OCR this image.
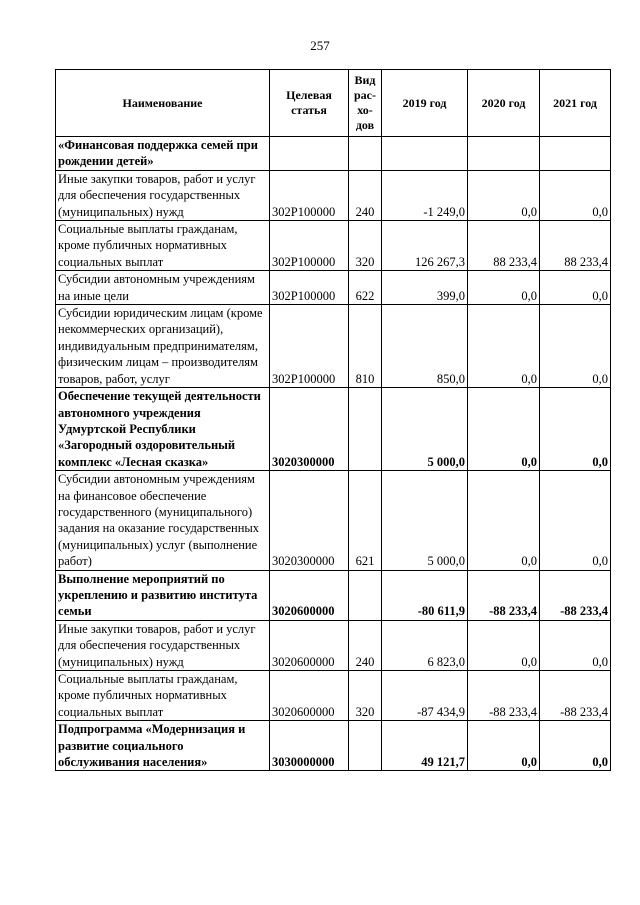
257
Наименование	Целевая статья	Вид рас- хо- дов	2019 год	2020 год	2021 год
«Финансовая поддержка семей при рождении детей»					
Иные закупки товаров, работ и услуг для обеспечения государственных (муниципальных) нужд	302P100000	240	-1 249,0	0,0	0,0
Социальные выплаты гражданам, кроме публичных нормативных социальных выплат	302P100000	320	126 267,3	88 233,4	88 233,4
Субсидии автономным учреждениям на иные цели	302P100000	622	399,0	0,0	0,0
Субсидии юридическим лицам (кроме некоммерческих организаций), индивидуальным предпринимателям, физическим лицам – производителям товаров, работ, услуг	302P100000	810	850,0	0,0	0,0
Обеспечение текущей деятельности автономного учреждения Удмуртской Республики «Загородный оздоровительный комплекс «Лесная сказка»	3020300000		5 000,0	0,0	0,0
Субсидии автономным учреждениям на финансовое обеспечение государственного (муниципального) задания на оказание государственных (муниципальных) услуг (выполнение работ)	3020300000	621	5 000,0	0,0	0,0
Выполнение мероприятий по укреплению и развитию института семьи	3020600000		-80 611,9	-88 233,4	-88 233,4
Иные закупки товаров, работ и услуг для обеспечения государственных (муниципальных) нужд	3020600000	240	6 823,0	0,0	0,0
Социальные выплаты гражданам, кроме публичных нормативных социальных выплат	3020600000	320	-87 434,9	-88 233,4	-88 233,4
Подпрограмма «Модернизация и развитие социального обслуживания населения»	3030000000		49 121,7	0,0	0,0
